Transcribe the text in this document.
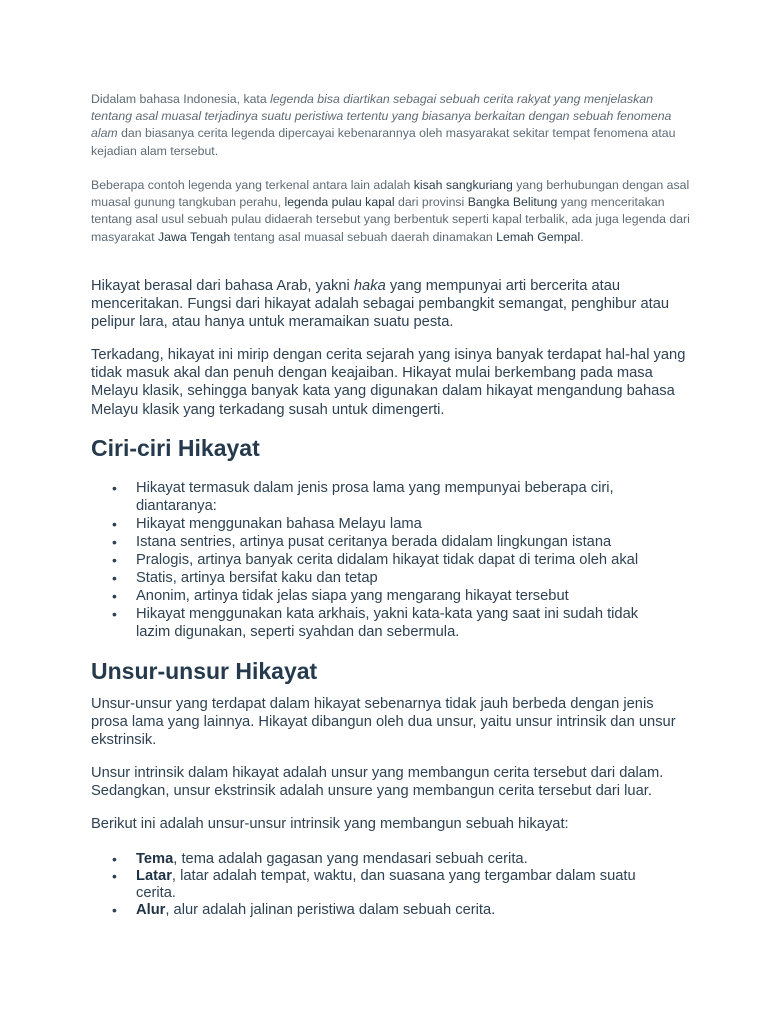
Didalam bahasa Indonesia, kata legenda bisa diartikan sebagai sebuah cerita rakyat yang menjelaskan tentang asal muasal terjadinya suatu peristiwa tertentu yang biasanya berkaitan dengan sebuah fenomena alam dan biasanya cerita legenda dipercayai kebenarannya oleh masyarakat sekitar tempat fenomena atau kejadian alam tersebut.

Beberapa contoh legenda yang terkenal antara lain adalah kisah sangkuriang yang berhubungan dengan asal muasal gunung tangkuban perahu, legenda pulau kapal dari provinsi Bangka Belitung yang menceritakan tentang asal usul sebuah pulau didaerah tersebut yang berbentuk seperti kapal terbalik, ada juga legenda dari masyarakat Jawa Tengah tentang asal muasal sebuah daerah dinamakan Lemah Gempal.

Hikayat berasal dari bahasa Arab, yakni haka yang mempunyai arti bercerita atau menceritakan. Fungsi dari hikayat adalah sebagai pembangkit semangat, penghibur atau pelipur lara, atau hanya untuk meramaikan suatu pesta.

Terkadang, hikayat ini mirip dengan cerita sejarah yang isinya banyak terdapat hal-hal yang tidak masuk akal dan penuh dengan keajaiban. Hikayat mulai berkembang pada masa Melayu klasik, sehingga banyak kata yang digunakan dalam hikayat mengandung bahasa Melayu klasik yang terkadang susah untuk dimengerti.

Ciri-ciri Hikayat
• Hikayat termasuk dalam jenis prosa lama yang mempunyai beberapa ciri, diantaranya:
• Hikayat menggunakan bahasa Melayu lama
• Istana sentries, artinya pusat ceritanya berada didalam lingkungan istana
• Pralogis, artinya banyak cerita didalam hikayat tidak dapat di terima oleh akal
• Statis, artinya bersifat kaku dan tetap
• Anonim, artinya tidak jelas siapa yang mengarang hikayat tersebut
• Hikayat menggunakan kata arkhais, yakni kata-kata yang saat ini sudah tidak lazim digunakan, seperti syahdan dan sebermula.
Unsur-unsur Hikayat

Unsur-unsur yang terdapat dalam hikayat sebenarnya tidak jauh berbeda dengan jenis prosa lama yang lainnya. Hikayat dibangun oleh dua unsur, yaitu unsur intrinsik dan unsur ekstrinsik.

Unsur intrinsik dalam hikayat adalah unsur yang membangun cerita tersebut dari dalam. Sedangkan, unsur ekstrinsik adalah unsure yang membangun cerita tersebut dari luar.

Berikut ini adalah unsur-unsur intrinsik yang membangun sebuah hikayat:

• Tema, tema adalah gagasan yang mendasari sebuah cerita.
• Latar, latar adalah tempat, waktu, dan suasana yang tergambar dalam suatu cerita.
• Alur, alur adalah jalinan peristiwa dalam sebuah cerita.
